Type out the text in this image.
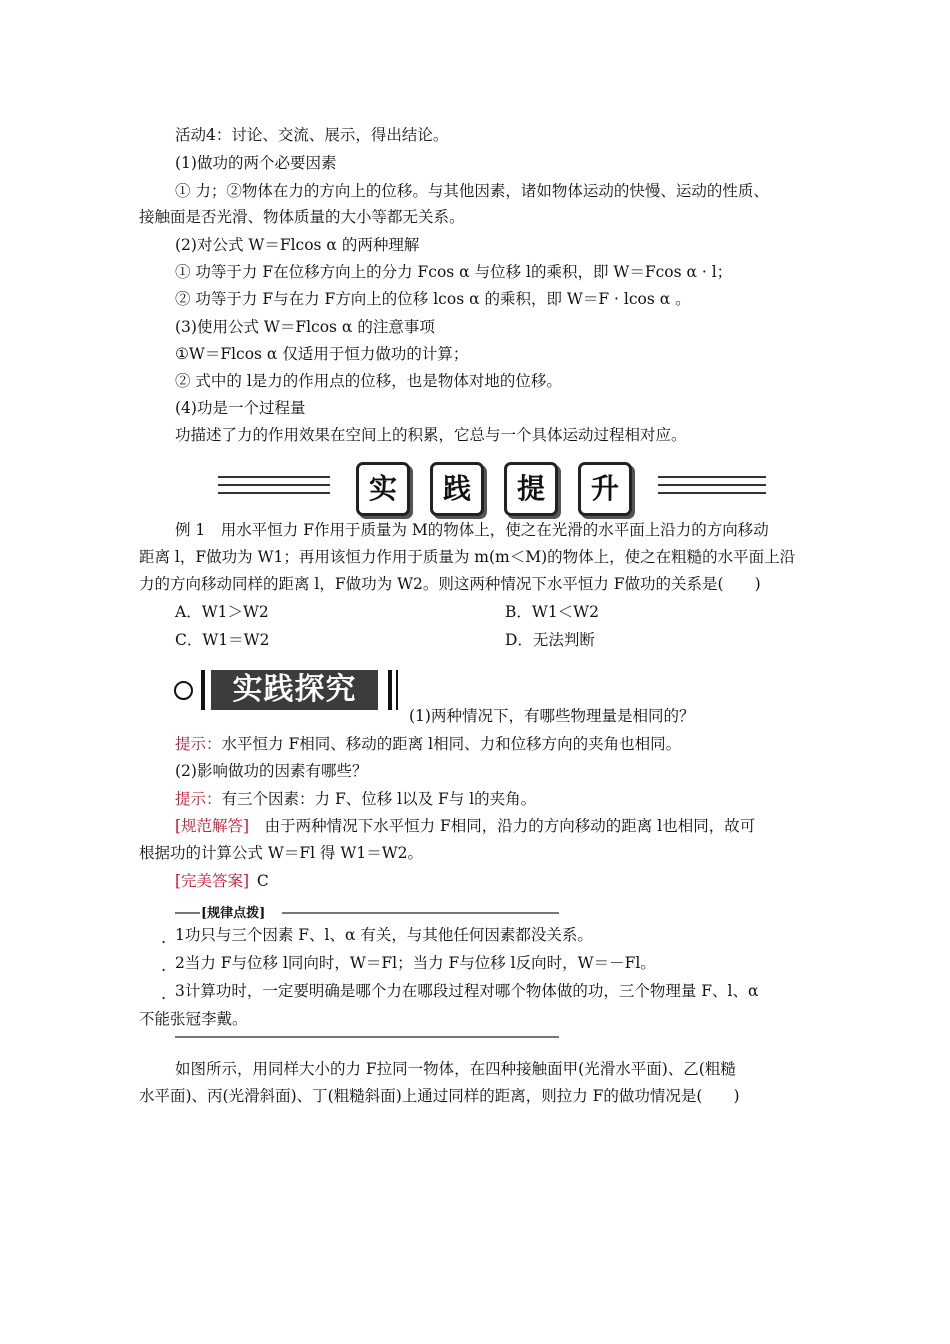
活动4：讨论、交流、展示，得出结论。
(1)做功的两个必要因素
① 力；②物体在力的方向上的位移。与其他因素，诸如物体运动的快慢、运动的性质、
接触面是否光滑、物体质量的大小等都无关系。
(2)对公式 W＝Flcos α 的两种理解
① 功等于力 F在位移方向上的分力 Fcos α 与位移 l的乘积，即 W＝Fcos α · l；
② 功等于力 F与在力 F方向上的位移 lcos α 的乘积，即 W＝F · lcos α 。
(3)使用公式 W＝Flcos α 的注意事项
①W＝Flcos α 仅适用于恒力做功的计算；
② 式中的 l是力的作用点的位移，也是物体对地的位移。
(4)功是一个过程量
功描述了力的作用效果在空间上的积累，它总与一个具体运动过程相对应。
实	践	提	升
例 1　用水平恒力 F作用于质量为 M的物体上，使之在光滑的水平面上沿力的方向移动
距离 l，F做功为 W1；再用该恒力作用于质量为 m(m＜M)的物体上，使之在粗糙的水平面上沿
力的方向移动同样的距离 l，F做功为 W2。则这两种情况下水平恒力 F做功的关系是(　　)
A．W1＞W2	B．W1＜W2
C．W1＝W2	D．无法判断
实践探究
(1)两种情况下，有哪些物理量是相同的？
提示：水平恒力 F相同、移动的距离 l相同、力和位移方向的夹角也相同。
(2)影响做功的因素有哪些？
提示：有三个因素：力 F、位移 l以及 F与 l的夹角。
[规范解答]　 由于两种情况下水平恒力 F相同，沿力的方向移动的距离 l也相同，故可
根据功的计算公式 W＝Fl 得 W1＝W2。
[完美答案]  C
[规律点拨]
. 1功只与三个因素 F、l、α 有关，与其他任何因素都没关系。
. 2当力 F与位移 l同向时，W＝Fl；当力 F与位移 l反向时，W＝－Fl。
. 3计算功时，一定要明确是哪个力在哪段过程对哪个物体做的功，三个物理量 F、l、α
不能张冠李戴。
如图所示，用同样大小的力 F拉同一物体，在四种接触面甲(光滑水平面)、乙(粗糙
水平面)、丙(光滑斜面)、丁(粗糙斜面)上通过同样的距离，则拉力 F的做功情况是(　　)
